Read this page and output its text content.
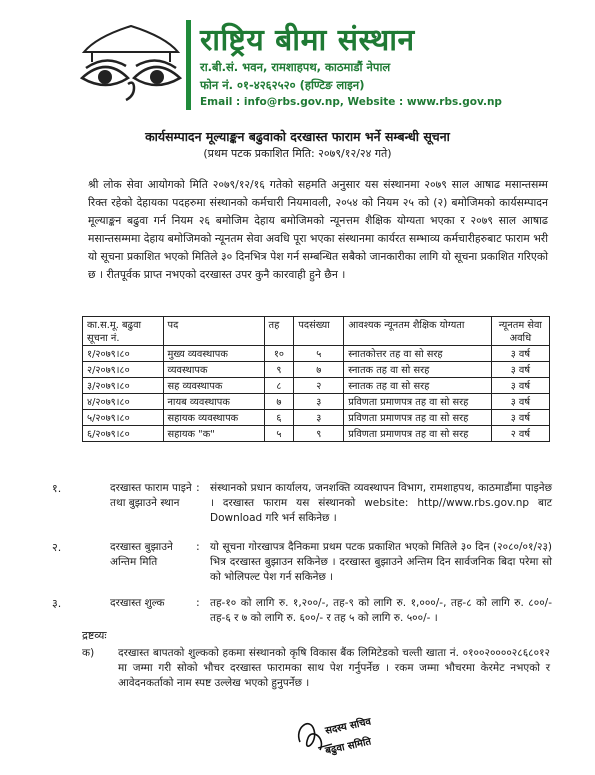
राष्ट्रिय बीमा संस्थान
रा.बी.सं. भवन, रामशाहपथ, काठमाडौं नेपाल
फोन नं. ०१-४२६२५२० (हण्टिङ लाइन)
Email : info@rbs.gov.np, Website : www.rbs.gov.np
कार्यसम्पादन मूल्याङ्कन बढुवाको दरखास्त फाराम भर्ने सम्बन्धी सूचना
(प्रथम पटक प्रकाशित मिति: २०७९/१२/२४ गते)
श्री लोक सेवा आयोगको मिति २०७९/१२/१६ गतेको सहमति अनुसार यस संस्थानमा २०७९ साल आषाढ मसान्तसम्म रिक्त रहेको देहायका पदहरुमा संस्थानको कर्मचारी नियमावली, २०५४ को नियम २५ को (२) बमोजिमको कार्यसम्पादन मूल्याङ्कन बढुवा गर्न नियम २६ बमोजिम देहाय बमोजिमको न्यूनत्तम शैक्षिक योग्यता भएका र २०७९ साल आषाढ मसान्तसम्ममा देहाय बमोजिमको न्यूनतम सेवा अवधि पूरा भएका संस्थानमा कार्यरत सम्भाव्य कर्मचारीहरुबाट फाराम भरी यो सूचना प्रकाशित भएको मितिले ३० दिनभित्र पेश गर्न सम्बन्धित सबैको जानकारीका लागि यो सूचना प्रकाशित गरिएको छ । रीतपूर्वक प्राप्त नभएको दरखास्त उपर कुनै कारवाही हुने छैन ।
का.स.मू. बढुवा सूचना नं.	पद	तह	पदसंख्या	आवश्यक न्यूनतम शैक्षिक योग्यता	न्यूनतम सेवा अवधि
१/२०७९।८०	मुख्य व्यवस्थापक	१०	५	स्नातकोत्तर तह वा सो सरह	३ वर्ष
२/२०७९।८०	व्यवस्थापक	९	७	स्नातक तह वा सो सरह	३ वर्ष
३/२०७९।८०	सह व्यवस्थापक	८	२	स्नातक तह वा सो सरह	३ वर्ष
४/२०७९।८०	नायब व्यवस्थापक	७	३	प्रविणता प्रमाणपत्र तह वा सो सरह	३ वर्ष
५/२०७९।८०	सहायक व्यवस्थापक	६	३	प्रविणता प्रमाणपत्र तह वा सो सरह	३ वर्ष
६/२०७९।८०	सहायक "क"	५	९	प्रविणता प्रमाणपत्र तह वा सो सरह	२ वर्ष
१.	दरखास्त फाराम पाइने तथा बुझाउने स्थान
: संस्थानको प्रधान कार्यालय, जनशक्ति व्यवस्थापन विभाग, रामशाहपथ, काठमाडौंमा पाइनेछ । दरखास्त फाराम यस संस्थानको website: http//www.rbs.gov.np बाट Download गरि भर्न सकिनेछ ।
२.	दरखास्त बुझाउने अन्तिम मिति
: यो सूचना गोरखापत्र दैनिकमा प्रथम पटक प्रकाशित भएको मितिले ३० दिन (२०८०/०१/२३) भित्र दरखास्त बुझाउन सकिनेछ । दरखास्त बुझाउने अन्तिम दिन सार्वजनिक बिदा परेमा सो को भोलिपल्ट पेश गर्न सकिनेछ ।
३.	दरखास्त शुल्क	: तह-१० को लागि रु. १,२००/-, तह-९ को लागि रु. १,०००/-, तह-८ को लागि रु. ८००/- तह-६ र ७ को लागि रु. ६००/- र तह ५ को लागि रु. ५००/- ।
द्रष्टव्यः
क) दरखास्त बापतको शुल्कको हकमा संस्थानको कृषि विकास बैंक लिमिटेडको चल्ती खाता नं. ०१००२००००२८६८०१२ मा जम्मा गरी सोको भौचर दरखास्त फारामका साथ पेश गर्नुपर्नेछ । रकम जम्मा भौचरमा केरमेट नभएको र आवेदनकर्ताको नाम स्पष्ट उल्लेख भएको हुनुपर्नेछ ।
सदस्य सचिव
बढुवा समिति
